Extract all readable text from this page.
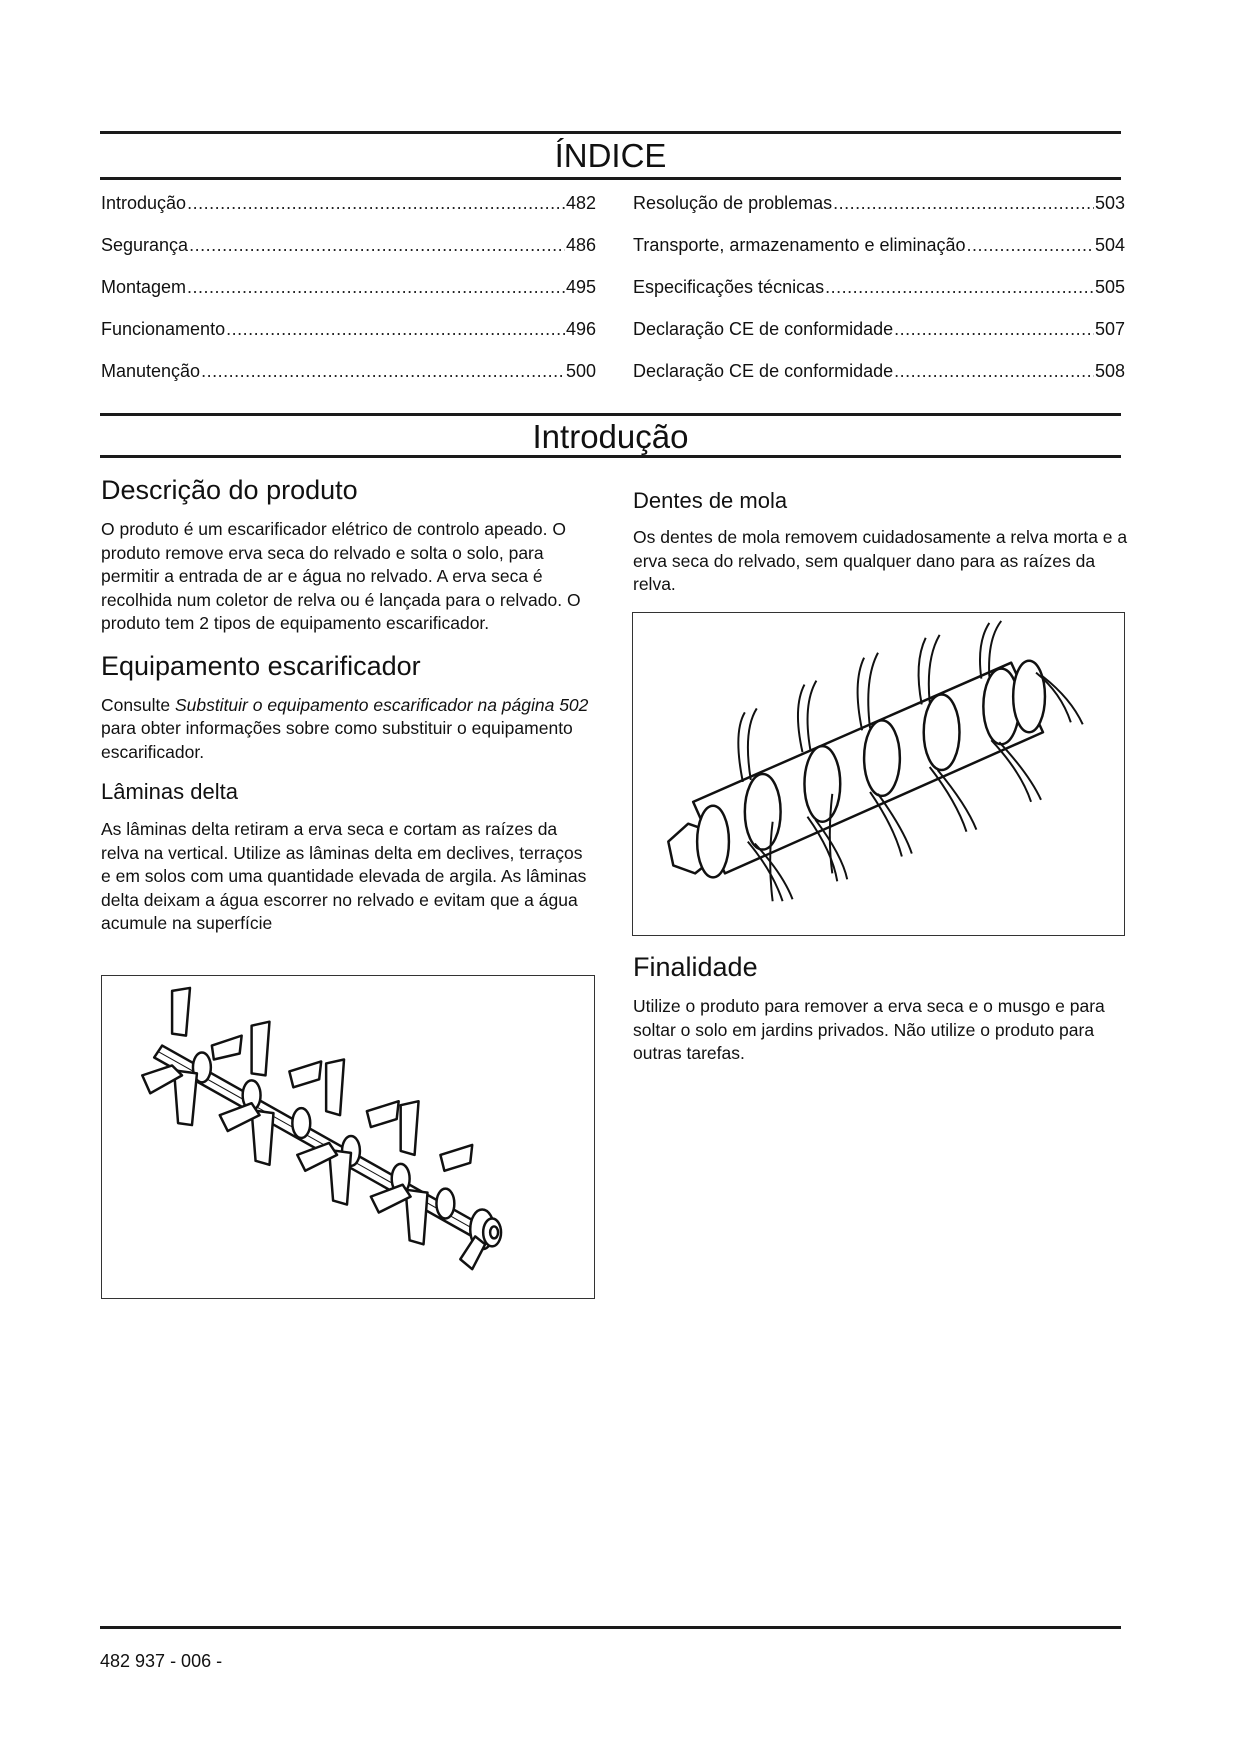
ÍNDICE
Introdução .....	482
Segurança .....	486
Montagem .....	495
Funcionamento .....	496
Manutenção .....	500
Resolução de problemas .....	503
Transporte, armazenamento e eliminação .....	504
Especificações técnicas .....	505
Declaração CE de conformidade .....	507
Declaração CE de conformidade .....	508
Introdução
Descrição do produto

O produto é um escarificador elétrico de controlo apeado. O produto remove erva seca do relvado e solta o solo, para permitir a entrada de ar e água no relvado. A erva seca é recolhida num coletor de relva ou é lançada para o relvado. O produto tem 2 tipos de equipamento escarificador.

Equipamento escarificador

Consulte Substituir o equipamento escarificador na página 502 para obter informações sobre como substituir o equipamento escarificador.

Lâminas delta

As lâminas delta retiram a erva seca e cortam as raízes da relva na vertical. Utilize as lâminas delta em declives, terraços e em solos com uma quantidade elevada de argila. As lâminas delta deixam a água escorrer no relvado e evitam que a água acumule na superfície

Dentes de mola

Os dentes de mola removem cuidadosamente a relva morta e a erva seca do relvado, sem qualquer dano para as raízes da relva.

Finalidade

Utilize o produto para remover a erva seca e o musgo e para soltar o solo em jardins privados. Não utilize o produto para outras tarefas.

482 937 - 006 -
